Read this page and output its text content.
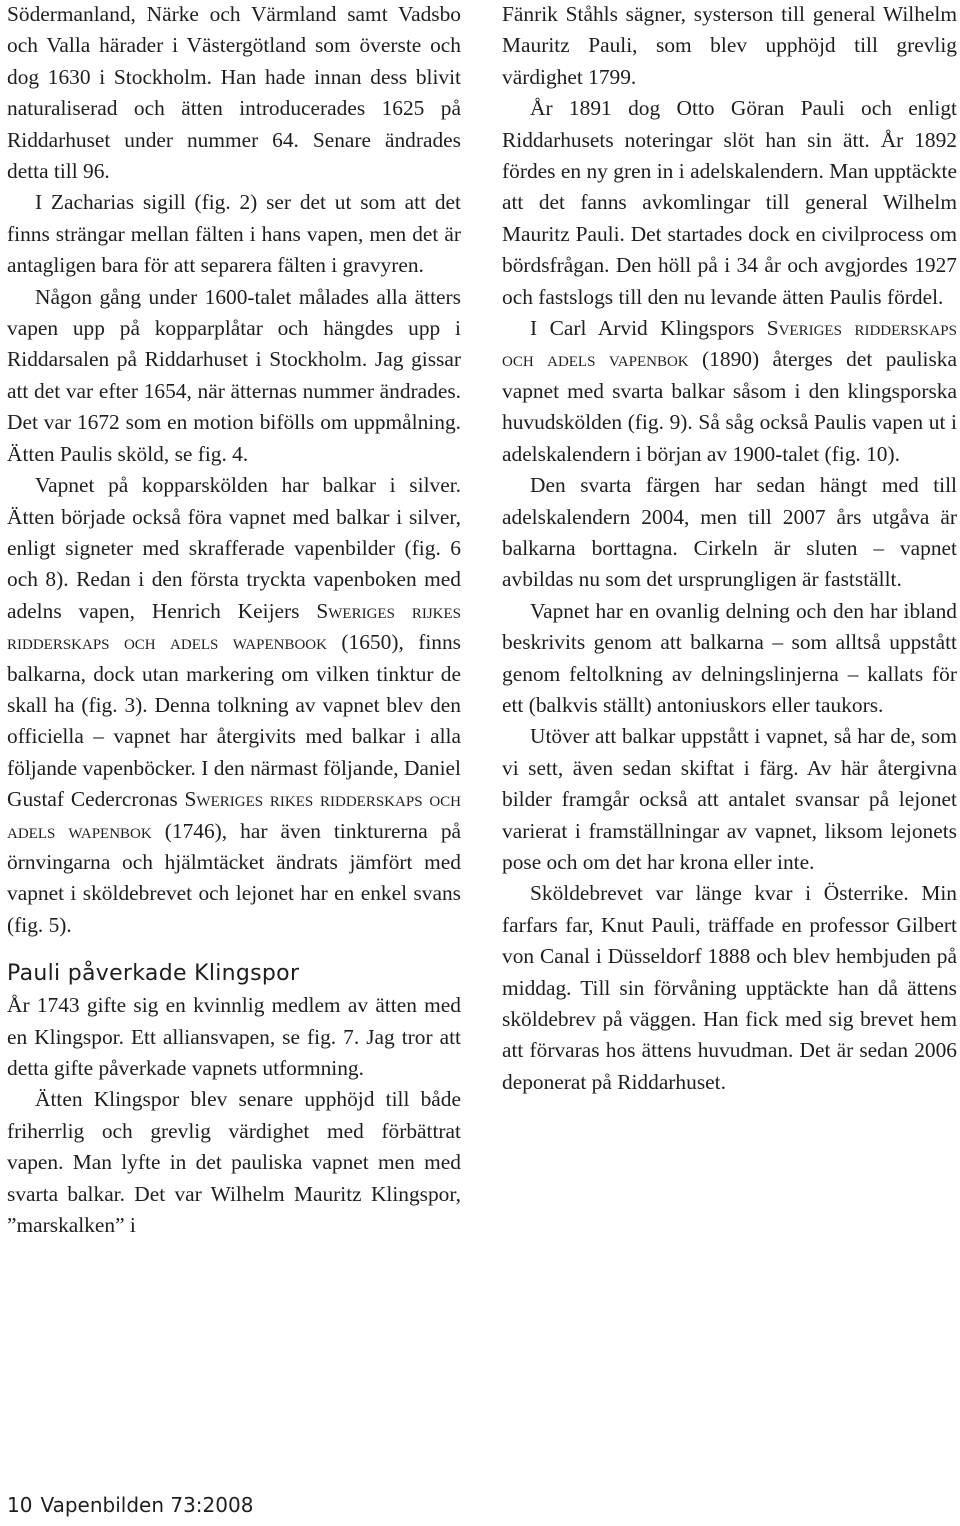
Södermanland, Närke och Värmland samt Vadsbo och Valla härader i Västergötland som överste och dog 1630 i Stockholm. Han hade innan dess blivit naturaliserad och ätten introducerades 1625 på Riddarhuset under nummer 64. Senare ändrades detta till 96.

I Zacharias sigill (fig. 2) ser det ut som att det finns strängar mellan fälten i hans vapen, men det är antagligen bara för att separera fälten i gravyren.

Någon gång under 1600-talet målades alla ätters vapen upp på kopparplåtar och hängdes upp i Riddarsalen på Riddarhuset i Stockholm. Jag gissar att det var efter 1654, när ätternas nummer ändrades. Det var 1672 som en motion bifölls om uppmålning. Ätten Paulis sköld, se fig. 4.

Vapnet på kopparskölden har balkar i silver. Ätten började också föra vapnet med balkar i silver, enligt signeter med skrafferade vapenbilder (fig. 6 och 8). Redan i den första tryckta vapenboken med adelns vapen, Henrich Keijers Sweriges rijkes ridderskaps och adels wapenbook (1650), finns balkarna, dock utan markering om vilken tinktur de skall ha (fig. 3). Denna tolkning av vapnet blev den officiella – vapnet har återgivits med balkar i alla följande vapenböcker. I den närmast följande, Daniel Gustaf Cedercronas Sweriges rikes ridderskaps och adels wapenbok (1746), har även tinkturerna på örnvingarna och hjälmtäcket ändrats jämfört med vapnet i sköldebrevet och lejonet har en enkel svans (fig. 5).

Pauli påverkade Klingspor

År 1743 gifte sig en kvinnlig medlem av ätten med en Klingspor. Ett alliansvapen, se fig. 7. Jag tror att detta gifte påverkade vapnets utformning.

Ätten Klingspor blev senare upphöjd till både friherrlig och grevlig värdighet med förbättrat vapen. Man lyfte in det pauliska vapnet men med svarta balkar. Det var Wilhelm Mauritz Klingspor, ”marskalken” i

Fänrik Ståhls sägner, systerson till general Wilhelm Mauritz Pauli, som blev upphöjd till grevlig värdighet 1799.

År 1891 dog Otto Göran Pauli och enligt Riddarhusets noteringar slöt han sin ätt. År 1892 fördes en ny gren in i adelskalendern. Man upptäckte att det fanns avkomlingar till general Wilhelm Mauritz Pauli. Det startades dock en civilprocess om bördsfrågan. Den höll på i 34 år och avgjordes 1927 och fastslogs till den nu levande ätten Paulis fördel.

I Carl Arvid Klingspors Sveriges ridderskaps och adels vapenbok (1890) återges det pauliska vapnet med svarta balkar såsom i den klingsporska huvudskölden (fig. 9). Så såg också Paulis vapen ut i adelskalendern i början av 1900-talet (fig. 10).

Den svarta färgen har sedan hängt med till adelskalendern 2004, men till 2007 års utgåva är balkarna borttagna. Cirkeln är sluten – vapnet avbildas nu som det ursprungligen är fastställt.

Vapnet har en ovanlig delning och den har ibland beskrivits genom att balkarna – som alltså uppstått genom feltolkning av delningslinjerna – kallats för ett (balkvis ställt) antoniuskors eller taukors.

Utöver att balkar uppstått i vapnet, så har de, som vi sett, även sedan skiftat i färg. Av här återgivna bilder framgår också att antalet svansar på lejonet varierat i framställningar av vapnet, liksom lejonets pose och om det har krona eller inte.

Sköldebrevet var länge kvar i Österrike. Min farfars far, Knut Pauli, träffade en professor Gilbert von Canal i Düsseldorf 1888 och blev hembjuden på middag. Till sin förvåning upptäckte han då ättens sköldebrev på väggen. Han fick med sig brevet hem att förvaras hos ättens huvudman. Det är sedan 2006 deponerat på Riddarhuset.

10 Vapenbilden 73:2008
